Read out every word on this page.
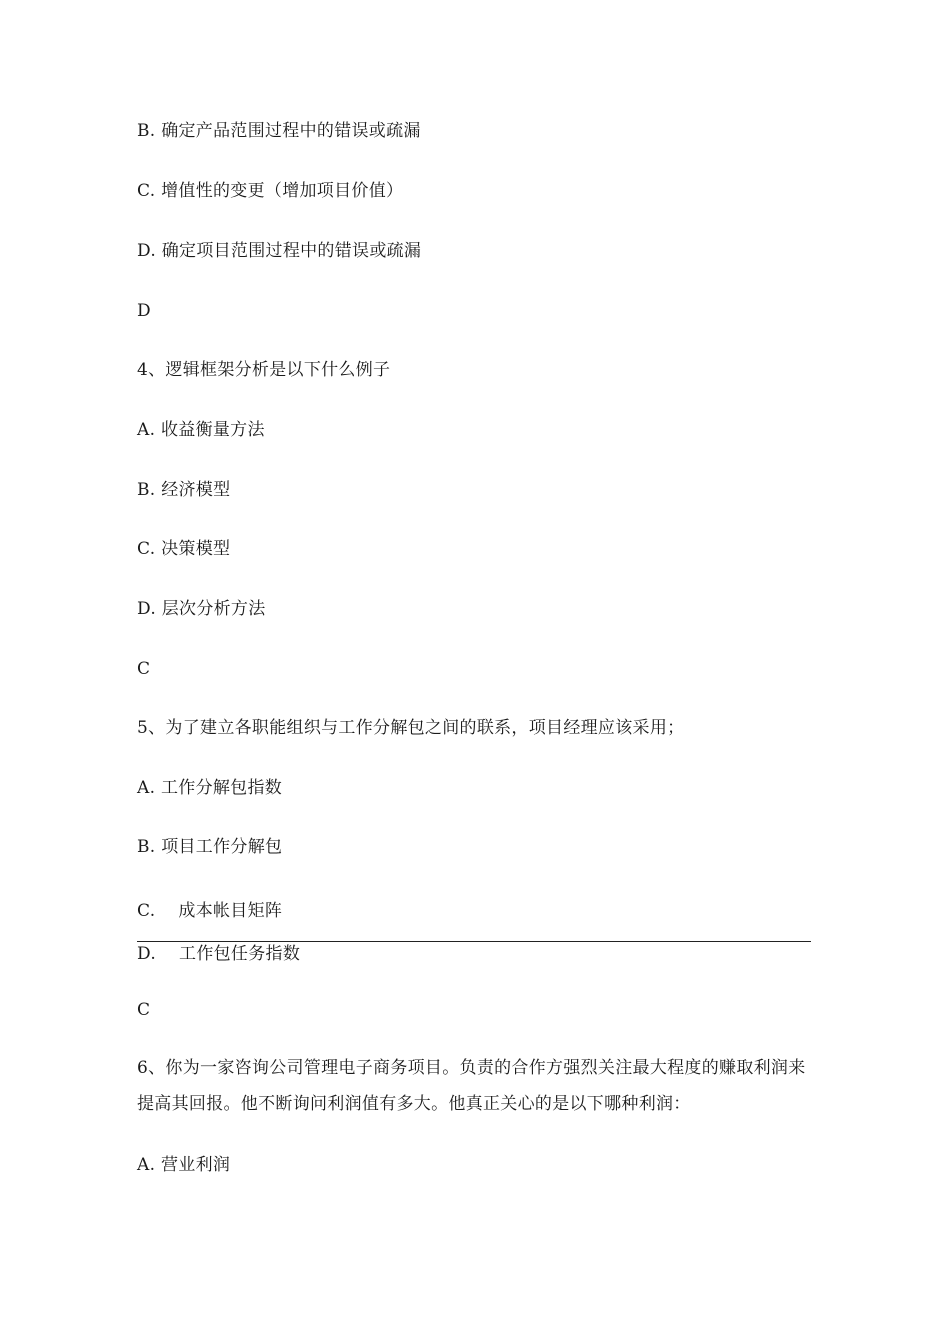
B. 确定产品范围过程中的错误或疏漏
C. 增值性的变更（增加项目价值）
D. 确定项目范围过程中的错误或疏漏
D
4、逻辑框架分析是以下什么例子
A. 收益衡量方法
B. 经济模型
C. 决策模型
D. 层次分析方法
C
5、为了建立各职能组织与工作分解包之间的联系，项目经理应该采用；
A. 工作分解包指数
B. 项目工作分解包
C.　 成本帐目矩阵
D.　 工作包任务指数
C
6、你为一家咨询公司管理电子商务项目。负责的合作方强烈关注最大程度的赚取利润来提高其回报。他不断询问利润值有多大。他真正关心的是以下哪种利润：
A. 营业利润
